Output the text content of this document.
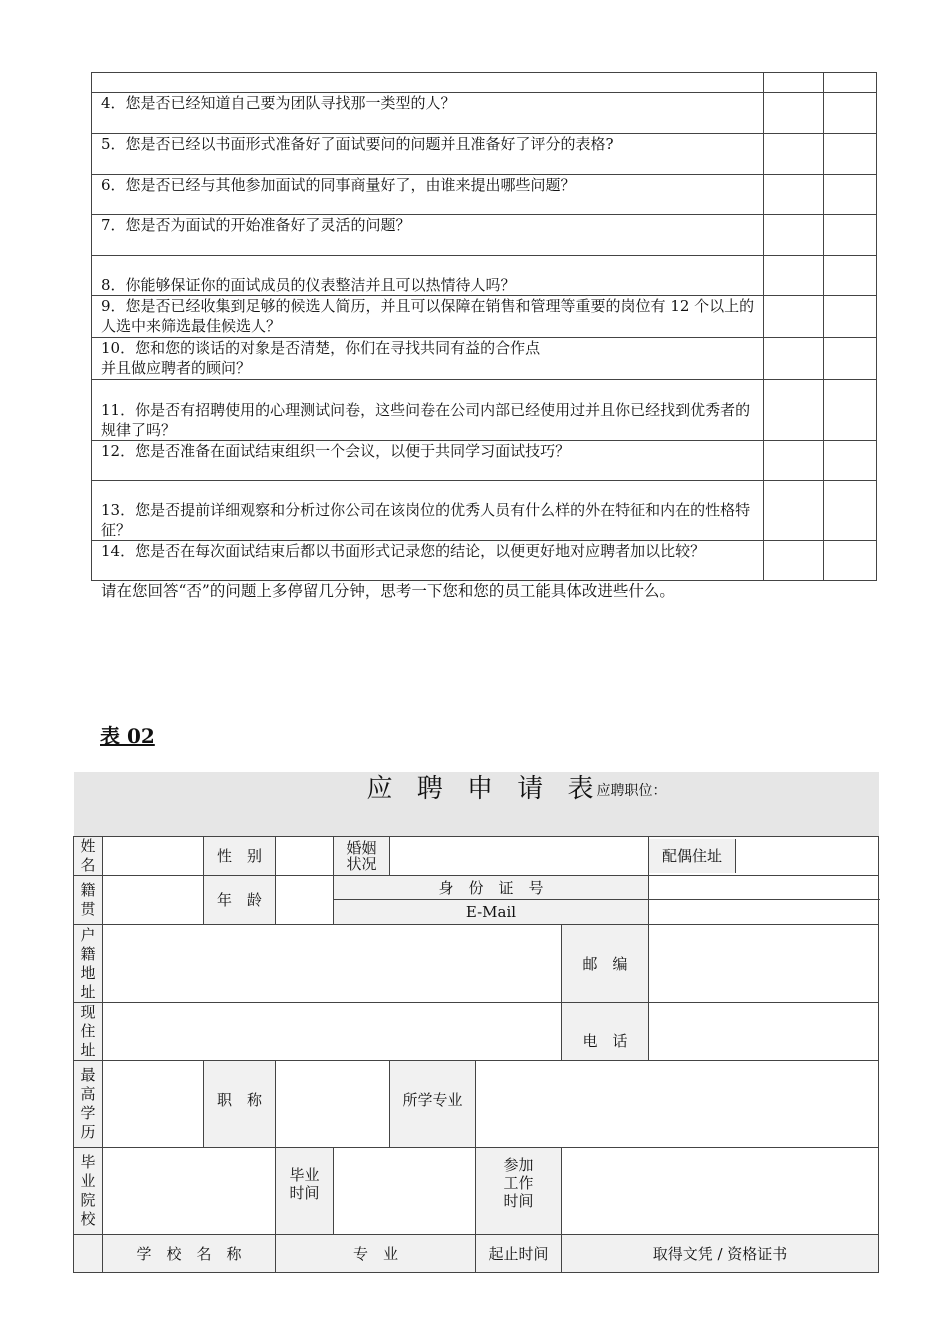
4．您是否已经知道自己要为团队寻找那一类型的人？		
5．您是否已经以书面形式准备好了面试要问的问题并且准备好了评分的表格?		
6．您是否已经与其他参加面试的同事商量好了，由谁来提出哪些问题？		
7．您是否为面试的开始准备好了灵活的问题？		
8．你能够保证你的面试成员的仪表整洁并且可以热情待人吗？		
9．您是否已经收集到足够的候选人简历，并且可以保障在销售和管理等重要的岗位有 12 个以上的人选中来筛选最佳候选人？		
10．您和您的谈话的对象是否清楚，你们在寻找共同有益的合作点
并且做应聘者的顾问？		
11．你是否有招聘使用的心理测试问卷，这些问卷在公司内部已经使用过并且你已经找到优秀者的规律了吗？		
12．您是否准备在面试结束组织一个会议，以便于共同学习面试技巧？		
13．您是否提前详细观察和分析过你公司在该岗位的优秀人员有什么样的外在特征和内在的性格特征？		
14．您是否在每次面试结束后都以书面形式记录您的结论，以便更好地对应聘者加以比较？		
请在您回答“否”的问题上多停留几分钟，思考一下您和您的员工能具体改进些什么。
表 02
应 聘 申 请 表
应聘职位：								

姓名		性　别		婚姻状况				配偶住址

籍贯		年　龄		身　份　证　号				
				E-Mail				
户籍地址							邮　编	
现住址							电　话	
最高学历		职　称			所学专业			
毕业院校			毕业时间			参加工作时间		
	学　校　名　称		专　业			起止时间	取得文凭 / 资格证书	
